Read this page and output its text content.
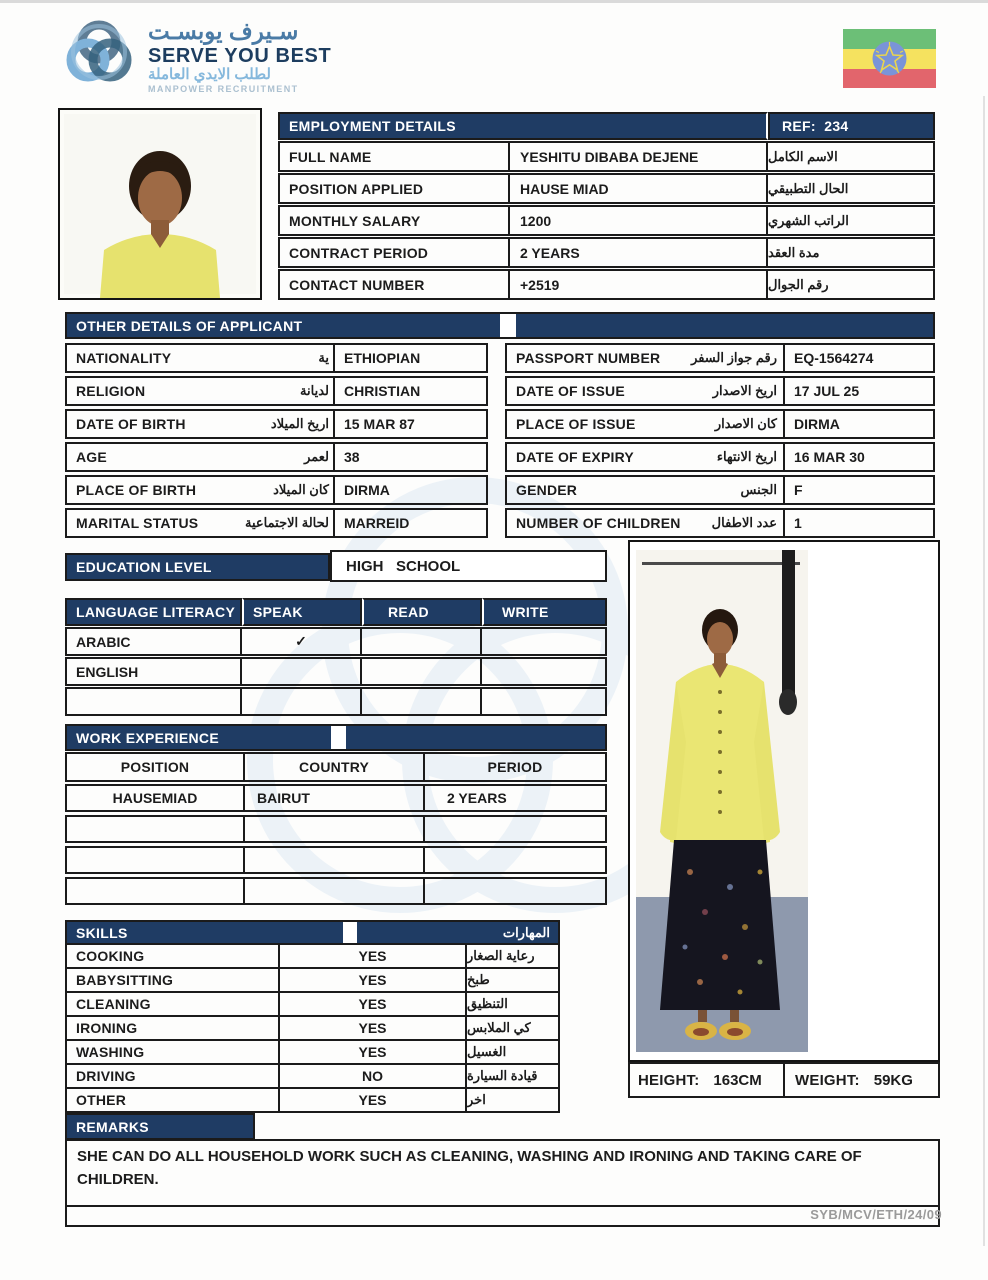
سـيرف يوبسـت
SERVE YOU BEST
لطلب الايدي العاملة
MANPOWER RECRUITMENT
EMPLOYMENT DETAILS	REF:  234
FULL NAME	YESHITU DIBABA DEJENE	الاسم الكامل
POSITION APPLIED	HAUSE MIAD	الحال التطبيقي
MONTHLY SALARY	1200	الراتب الشهري
CONTRACT PERIOD	2 YEARS	مدة العقد
CONTACT NUMBER	+2519	رقم الجوال
OTHER DETAILS OF APPLICANT
NATIONALITY	ية	ETHIOPIAN	PASSPORT NUMBER رقم جواز السفر	EQ-1564274
RELIGION	لديانة	CHRISTIAN	DATE OF ISSUE	اريخ الاصدار	17 JUL 25
DATE OF BIRTH	اريخ الميلاد	15 MAR 87	PLACE OF ISSUE	كان الاصدار	DIRMA
AGE	لعمر	38	DATE OF EXPIRY	اريخ الانتهاء	16 MAR 30
PLACE OF BIRTH	كان الميلاد	DIRMA	GENDER	الجنس	F
MARITAL STATUS	لحالة الاجتماعية	MARREID	NUMBER OF CHILDREN عدد الاطفال	1
EDUCATION LEVEL	HIGH   SCHOOL
LANGUAGE LITERACY	SPEAK	READ	WRITE
ARABIC	✓
ENGLISH
WORK EXPERIENCE
POSITION	COUNTRY	PERIOD
HAUSEMIAD	BAIRUT	2 YEARS
SKILLS	المهارات
COOKING	YES	رعاية الصغار
BABYSITTING	YES	طبخ
CLEANING	YES	التنظيق
IRONING	YES	كي الملابس
WASHING	YES	الغسيل
DRIVING	NO	قيادة السيارة
OTHER	YES	اخر
HEIGHT: 163CM WEIGHT: 59KG
REMARKS
SHE CAN DO ALL HOUSEHOLD WORK SUCH AS CLEANING, WASHING AND IRONING AND TAKING CARE OF CHILDREN.
SYB/MCV/ETH/24/09
